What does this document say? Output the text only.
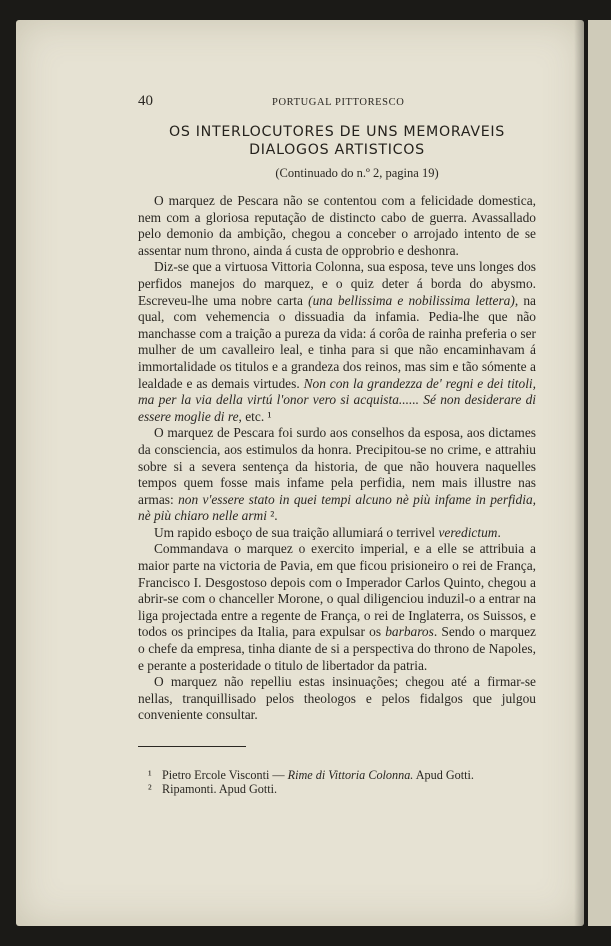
40	PORTUGAL PITTORESCO
OS INTERLOCUTORES DE UNS MEMORAVEIS
DIALOGOS ARTISTICOS
(Continuado do n.º 2, pagina 19)

O marquez de Pescara não se contentou com a felicidade domestica, nem com a gloriosa reputação de distincto cabo de guerra. Avassallado pelo demonio da ambição, chegou a conceber o arrojado intento de se assentar num throno, ainda á custa de opprobrio e deshonra.

Diz-se que a virtuosa Vittoria Colonna, sua esposa, teve uns longes dos perfidos manejos do marquez, e o quiz deter á borda do abysmo. Escreveu-lhe uma nobre carta (una bellissima e nobilissima lettera), na qual, com vehemencia o dissuadia da infamia. Pedia-lhe que não manchasse com a traição a pureza da vida: á corôa de rainha preferia o ser mulher de um cavalleiro leal, e tinha para si que não encaminhavam á immortalidade os titulos e a grandeza dos reinos, mas sim e tão sómente a lealdade e as demais virtudes. Non con la grandezza de' regni e dei titoli, ma per la via della virtú l'onor vero si acquista...... Sé non desiderare di essere moglie di re, etc. ¹

O marquez de Pescara foi surdo aos conselhos da esposa, aos dictames da consciencia, aos estimulos da honra. Precipitou-se no crime, e attrahiu sobre si a severa sentença da historia, de que não houvera naquelles tempos quem fosse mais infame pela perfidia, nem mais illustre nas armas: non v'essere stato in quei tempi alcuno nè più infame in perfidia, nè più chiaro nelle armi ².

Um rapido esboço de sua traição allumiará o terrivel veredictum.

Commandava o marquez o exercito imperial, e a elle se attribuia a maior parte na victoria de Pavia, em que ficou prisioneiro o rei de França, Francisco I. Desgostoso depois com o Imperador Carlos Quinto, chegou a abrir-se com o chanceller Morone, o qual diligenciou induzil-o a entrar na liga projectada entre a regente de França, o rei de Inglaterra, os Suissos, e todos os principes da Italia, para expulsar os barbaros. Sendo o marquez o chefe da empresa, tinha diante de si a perspectiva do throno de Napoles, e perante a posteridade o titulo de libertador da patria.

O marquez não repelliu estas insinuações; chegou até a firmar-se nellas, tranquillisado pelos theologos e pelos fidalgos que julgou conveniente consultar.

¹ Pietro Ercole Visconti — Rime di Vittoria Colonna. Apud Gotti.
² Ripamonti. Apud Gotti.
